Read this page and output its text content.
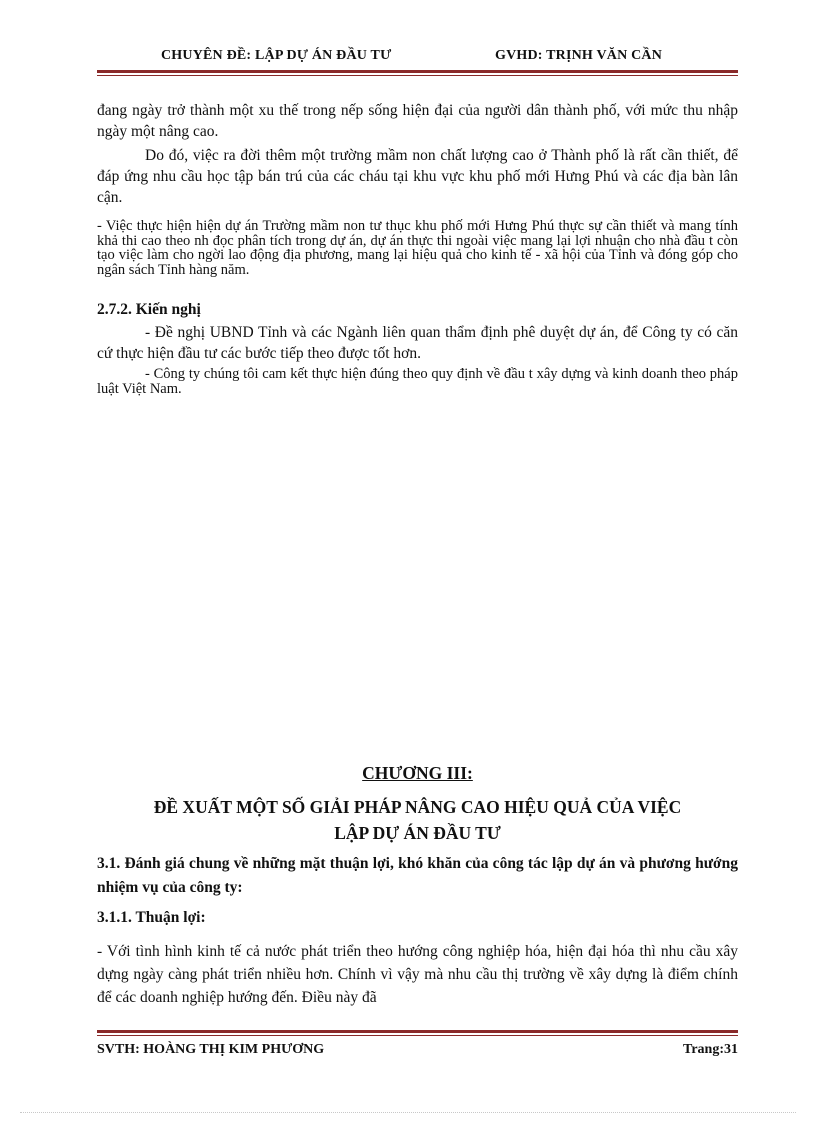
CHUYÊN ĐỀ: LẬP DỰ ÁN ĐẦU TƯ	GVHD: TRỊNH VĂN CẦN
đang ngày trở thành một xu thế trong nếp sống hiện đại của người dân thành phố, với mức thu nhập ngày một nâng cao.
Do đó, việc ra đời thêm một trường mầm non chất lượng cao ở Thành phố là rất cần thiết, để đáp ứng nhu cầu học tập bán trú của các cháu tại khu vực khu phố mới Hưng Phú và các địa bàn lân cận.
- Việc thực hiện hiện dự án Trường mầm non tư thục khu phố mới Hưng Phú thực sự cần thiết và mang tính khả thi cao theo nh đọc phân tích trong dự án, dự án thực thi ngoài việc mang lại lợi nhuận cho nhà đầu t còn tạo việc làm cho ngời lao động địa phương, mang lại hiệu quả cho kinh tế - xã hội của Tỉnh và đóng góp cho ngân sách Tỉnh hàng năm.
2.7.2. Kiến nghị
- Đề nghị UBND Tỉnh và các Ngành liên quan thẩm định phê duyệt dự án, để Công ty có căn cứ thực hiện đầu tư các bước tiếp theo được tốt hơn.
- Công ty chúng tôi cam kết thực hiện đúng theo quy định về đầu t xây dựng và kinh doanh theo pháp luật Việt Nam.
CHƯƠNG III:
ĐỀ XUẤT MỘT SỐ GIẢI PHÁP NÂNG CAO HIỆU QUẢ CỦA VIỆC
LẬP DỰ ÁN ĐẦU TƯ
3.1. Đánh giá chung về những mặt thuận lợi, khó khăn của công tác lập dự án và phương hướng nhiệm vụ của công ty:
3.1.1. Thuận lợi:
- Với tình hình kinh tế cả nước phát triển theo hướng công nghiệp hóa, hiện đại hóa thì nhu cầu xây dựng ngày càng phát triển nhiều hơn. Chính vì vậy mà nhu cầu thị trường về xây dựng là điểm chính để các doanh nghiệp hướng đến. Điều này đã
SVTH: HOÀNG THỊ KIM PHƯƠNG	Trang:31
